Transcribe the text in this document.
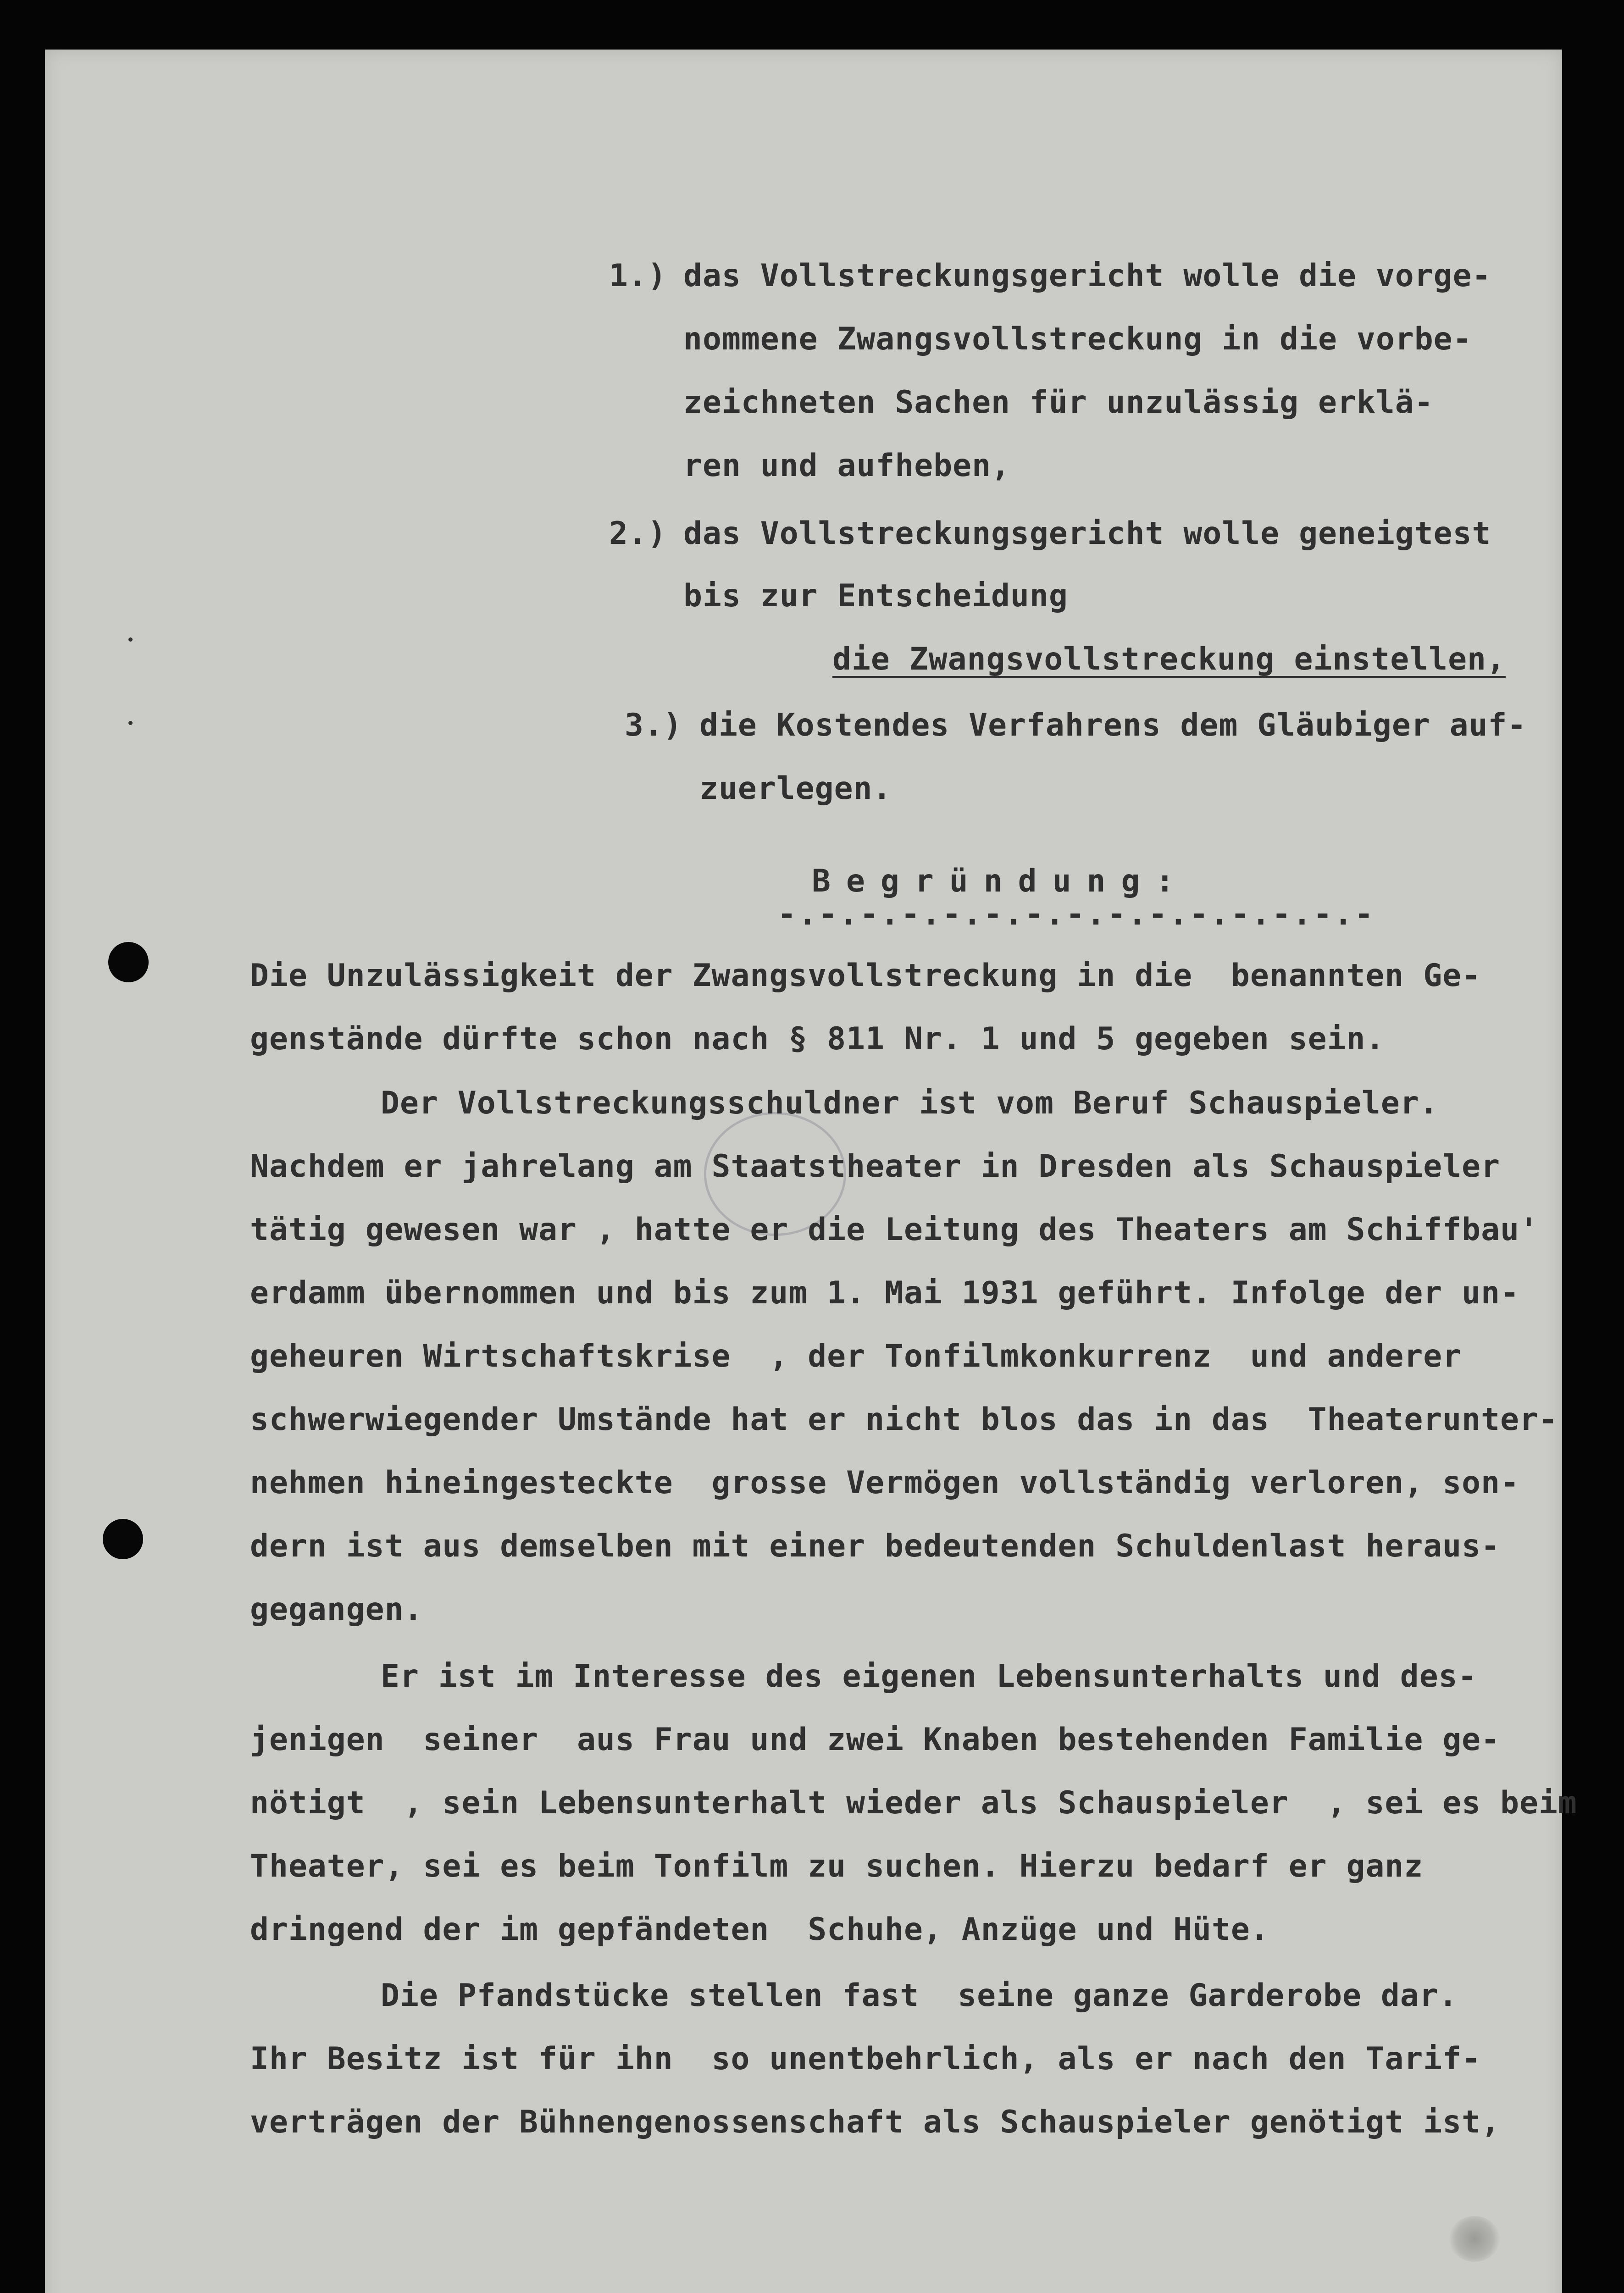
1.) das Vollstreckungsgericht wolle die vorge-

nommene Zwangsvollstreckung in die vorbe-

zeichneten Sachen für unzulässig erklä-

ren und aufheben,

2.) das Vollstreckungsgericht wolle geneigtest

bis zur Entscheidung

die Zwangsvollstreckung einstellen,

3.) die Kostendes Verfahrens dem Gläubiger auf-

zuerlegen.

Begründung:

-.-.-.-.-.-.-.-.-.-.-.-.-.-.-

Die Unzulässigkeit der Zwangsvollstreckung in die  benannten Ge-

genstände dürfte schon nach § 811 Nr. 1 und 5 gegeben sein.

Der Vollstreckungsschuldner ist vom Beruf Schauspieler.

Nachdem er jahrelang am Staatstheater in Dresden als Schauspieler

tätig gewesen war , hatte er die Leitung des Theaters am Schiffbau'

erdamm übernommen und bis zum 1. Mai 1931 geführt. Infolge der un-

geheuren Wirtschaftskrise  , der Tonfilmkonkurrenz  und anderer

schwerwiegender Umstände hat er nicht blos das in das  Theaterunter-

nehmen hineingesteckte  grosse Vermögen vollständig verloren, son-

dern ist aus demselben mit einer bedeutenden Schuldenlast heraus-

gegangen.

Er ist im Interesse des eigenen Lebensunterhalts und des-

jenigen  seiner  aus Frau und zwei Knaben bestehenden Familie ge-

nötigt  , sein Lebensunterhalt wieder als Schauspieler  , sei es beim

Theater, sei es beim Tonfilm zu suchen. Hierzu bedarf er ganz

dringend der im gepfändeten  Schuhe, Anzüge und Hüte.

Die Pfandstücke stellen fast  seine ganze Garderobe dar.

Ihr Besitz ist für ihn  so unentbehrlich, als er nach den Tarif-

verträgen der Bühnengenossenschaft als Schauspieler genötigt ist,
